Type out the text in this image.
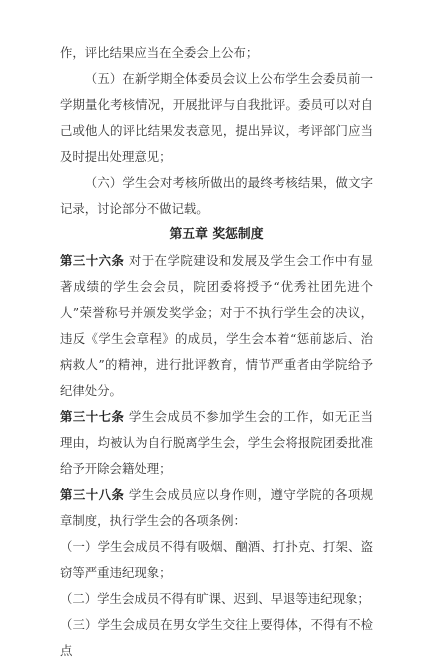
作，评比结果应当在全委会上公布；

（五）在新学期全体委员会议上公布学生会委员前一学期量化考核情况，开展批评与自我批评。委员可以对自己或他人的评比结果发表意见，提出异议，考评部门应当及时提出处理意见；

（六）学生会对考核所做出的最终考核结果，做文字记录，讨论部分不做记载。

第五章 奖惩制度

第三十六条 对于在学院建设和发展及学生会工作中有显著成绩的学生会会员，院团委将授予“优秀社团先进个人”荣誉称号并颁发奖学金；对于不执行学生会的决议，违反《学生会章程》的成员，学生会本着“惩前毖后、治病救人”的精神，进行批评教育，情节严重者由学院给予纪律处分。

第三十七条 学生会成员不参加学生会的工作，如无正当理由，均被认为自行脱离学生会，学生会将报院团委批准给予开除会籍处理；

第三十八条 学生会成员应以身作则，遵守学院的各项规章制度，执行学生会的各项条例：

（一）学生会成员不得有吸烟、酗酒、打扑克、打架、盗窃等严重违纪现象；

（二）学生会成员不得有旷课、迟到、早退等违纪现象；

（三）学生会成员在男女学生交往上要得体，不得有不检点
